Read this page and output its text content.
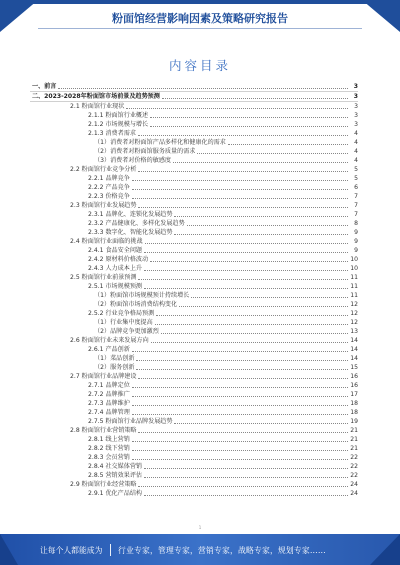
粉面馆经营影响因素及策略研究报告
内容目录
一、前言	3
二、2023-2028年粉面馆市场前景及趋势预测	3
2.1 粉面馆行业现状	3
2.1.1 粉面馆行业概述	3
2.1.2 市场规模与增长	3
2.1.3 消费者需求	4
（1）消费者对粉面馆产品多样化和健康化的需求	4
（2）消费者对粉面馆服务质量的需求	4
（3）消费者对价格的敏感度	4
2.2 粉面馆行业竞争分析	5
2.2.1 品牌竞争	5
2.2.2 产品竞争	6
2.2.3 价格竞争	7
2.3 粉面馆行业发展趋势	7
2.3.1 品牌化、连锁化发展趋势	7
2.3.2 产品健康化、多样化发展趋势	8
2.3.3 数字化、智能化发展趋势	9
2.4 粉面馆行业面临的挑战	9
2.4.1 食品安全问题	9
2.4.2 原材料价格波动	10
2.4.3 人力成本上升	10
2.5 粉面馆行业前景预测	11
2.5.1 市场规模预测	11
（1）粉面馆市场规模预计持续增长	11
（2）粉面馆市场消费结构变化	12
2.5.2 行业竞争格局预测	12
（1）行业集中度提高	12
（2）品牌竞争更加激烈	13
2.6 粉面馆行业未来发展方向	14
2.6.1 产品创新	14
（1）菜品创新	14
（2）服务创新	15
2.7 粉面馆行业品牌建设	16
2.7.1 品牌定位	16
2.7.2 品牌推广	17
2.7.3 品牌维护	18
2.7.4 品牌管理	18
2.7.5 粉面馆行业品牌发展趋势	19
2.8 粉面馆行业营销策略	21
2.8.1 线上营销	21
2.8.2 线下营销	21
2.8.3 会员营销	22
2.8.4 社交媒体营销	22
2.8.5 营销效果评估	22
2.9 粉面馆行业经营策略	24
2.9.1 优化产品结构	24
1
让每个人都能成为 行业专家，管理专家，营销专家，战略专家，规划专家……
